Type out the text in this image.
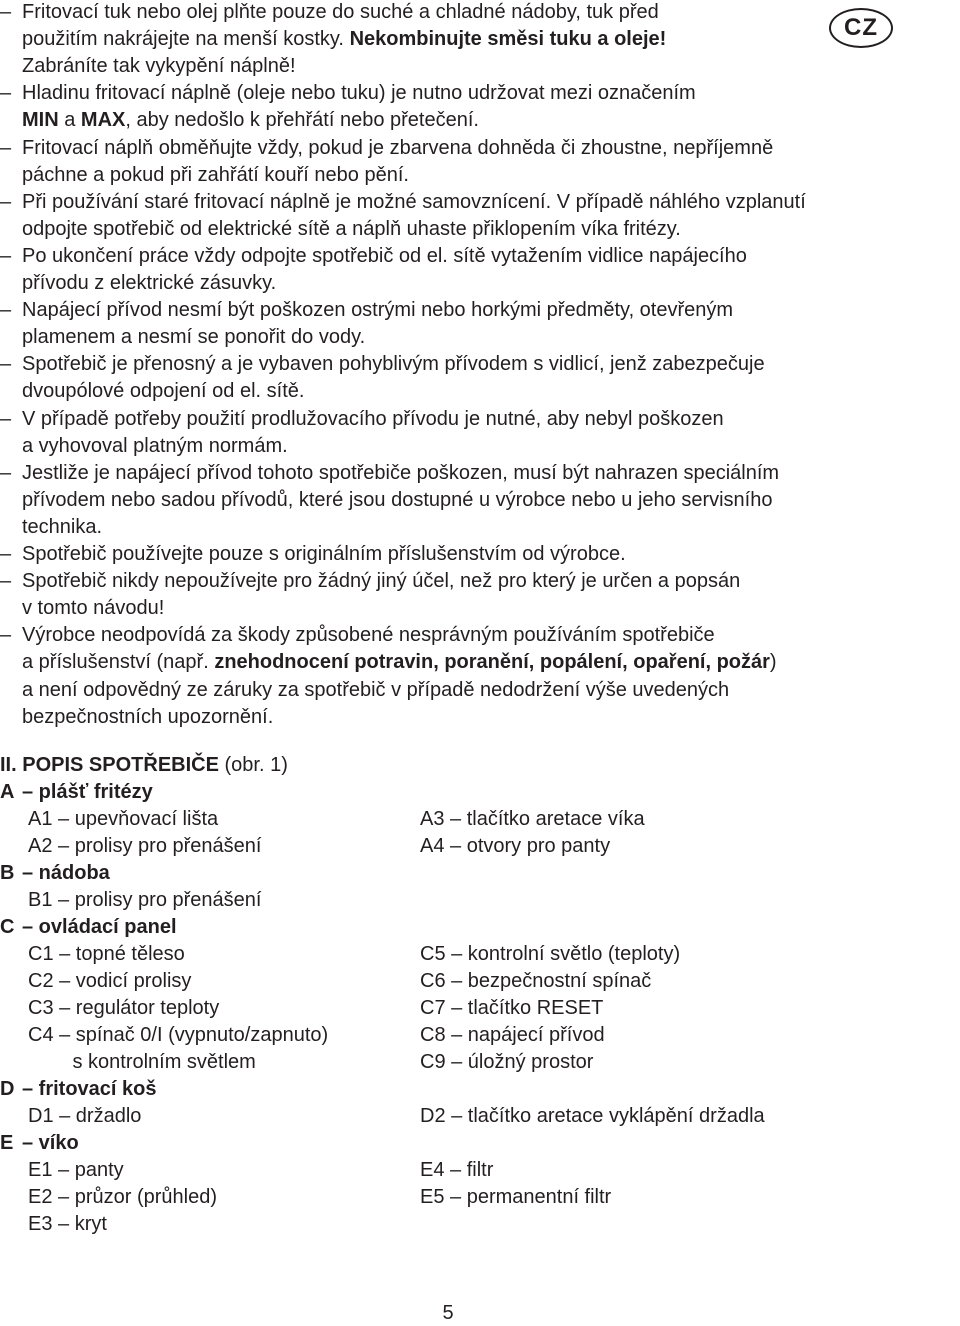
CZ
– Fritovací tuk nebo olej plňte pouze do suché a chladné nádoby, tuk před
použitím nakrájejte na menší kostky. Nekombinujte směsi tuku a oleje!
Zabráníte tak vykypění náplně!
– Hladinu fritovací náplně (oleje nebo tuku) je nutno udržovat mezi označením
MIN a MAX, aby nedošlo k přehřátí nebo přetečení.
– Fritovací náplň obměňujte vždy, pokud je zbarvena dohněda či zhoustne, nepříjemně
páchne a pokud při zahřátí kouří nebo pění.
– Při používání staré fritovací náplně je možné samovznícení. V případě náhlého vzplanutí
odpojte spotřebič od elektrické sítě a náplň uhaste přiklopením víka fritézy.
– Po ukončení práce vždy odpojte spotřebič od el. sítě vytažením vidlice napájecího
přívodu z elektrické zásuvky.
– Napájecí přívod nesmí být poškozen ostrými nebo horkými předměty, otevřeným
plamenem a nesmí se ponořit do vody.
– Spotřebič je přenosný a je vybaven pohyblivým přívodem s vidlicí, jenž zabezpečuje
dvoupólové odpojení od el. sítě.
– V případě potřeby použití prodlužovacího přívodu je nutné, aby nebyl poškozen
a vyhovoval platným normám.
– Jestliže je napájecí přívod tohoto spotřebiče poškozen, musí být nahrazen speciálním
přívodem nebo sadou přívodů, které jsou dostupné u výrobce nebo u jeho servisního
technika.
– Spotřebič používejte pouze s originálním příslušenstvím od výrobce.
– Spotřebič nikdy nepoužívejte pro žádný jiný účel, než pro který je určen a popsán
v tomto návodu!
– Výrobce neodpovídá za škody způsobené nesprávným používáním spotřebiče
a příslušenství (např. znehodnocení potravin, poranění, popálení, opaření, požár)
a není odpovědný ze záruky za spotřebič v případě nedodržení výše uvedených
bezpečnostních upozornění.
II. POPIS SPOTŘEBIČE (obr. 1)
A – plášť fritézy
A1 – upevňovací lišta	A3 – tlačítko aretace víka
A2 – prolisy pro přenášení	A4 – otvory pro panty
B – nádoba
B1 – prolisy pro přenášení
C – ovládací panel
C1 – topné těleso	C5 – kontrolní světlo (teploty)
C2 – vodicí prolisy	C6 – bezpečnostní spínač
C3 – regulátor teploty	C7 – tlačítko RESET
C4 – spínač 0/I (vypnuto/zapnuto)	C8 – napájecí přívod
s kontrolním světlem	C9 – úložný prostor
D – fritovací koš
D1 – držadlo	D2 – tlačítko aretace vyklápění držadla
E – víko
E1 – panty	E4 – filtr
E2 – průzor (průhled)	E5 – permanentní filtr
E3 – kryt
5
